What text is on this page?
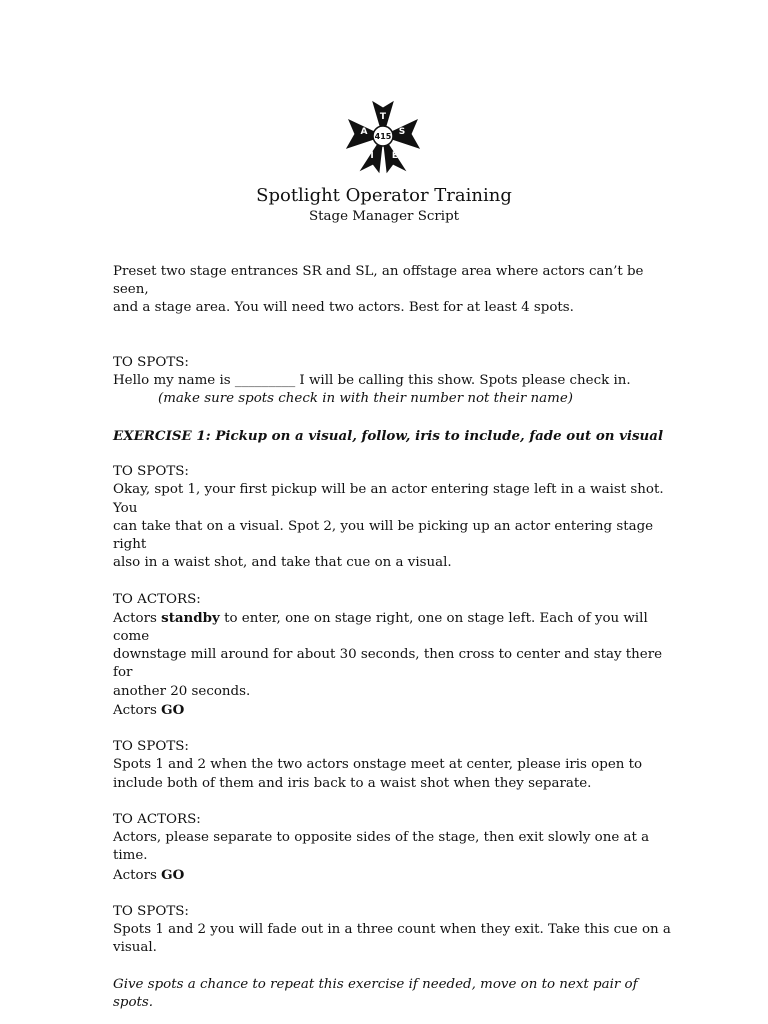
T
S
E
I
A 415
Spotlight Operator Training
Stage Manager Script

Preset two stage entrances SR and SL, an offstage area where actors can’t be seen,

and a stage area. You will need two actors. Best for at least 4 spots.

TO SPOTS:

Hello my name is _________ I will be calling this show. Spots please check in.

(make sure spots check in with their number not their name)

EXERCISE 1: Pickup on a visual, follow, iris to include, fade out on visual

TO SPOTS:

Okay, spot 1, your first pickup will be an actor entering stage left in a waist shot. You

can take that on a visual. Spot 2, you will be picking up an actor entering stage right

also in a waist shot, and take that cue on a visual.

TO ACTORS:

Actors standby to enter, one on stage right, one on stage left. Each of you will come

downstage mill around for about 30 seconds, then cross to center and stay there for

another 20 seconds.

Actors GO

TO SPOTS:

Spots 1 and 2 when the two actors onstage meet at center, please iris open to

include both of them and iris back to a waist shot when they separate.

TO ACTORS:

Actors, please separate to opposite sides of the stage, then exit slowly one at a time.

Actors GO

TO SPOTS:

Spots 1 and 2 you will fade out in a three count when they exit. Take this cue on a

visual.

Give spots a chance to repeat this exercise if needed, move on to next pair of spots.
